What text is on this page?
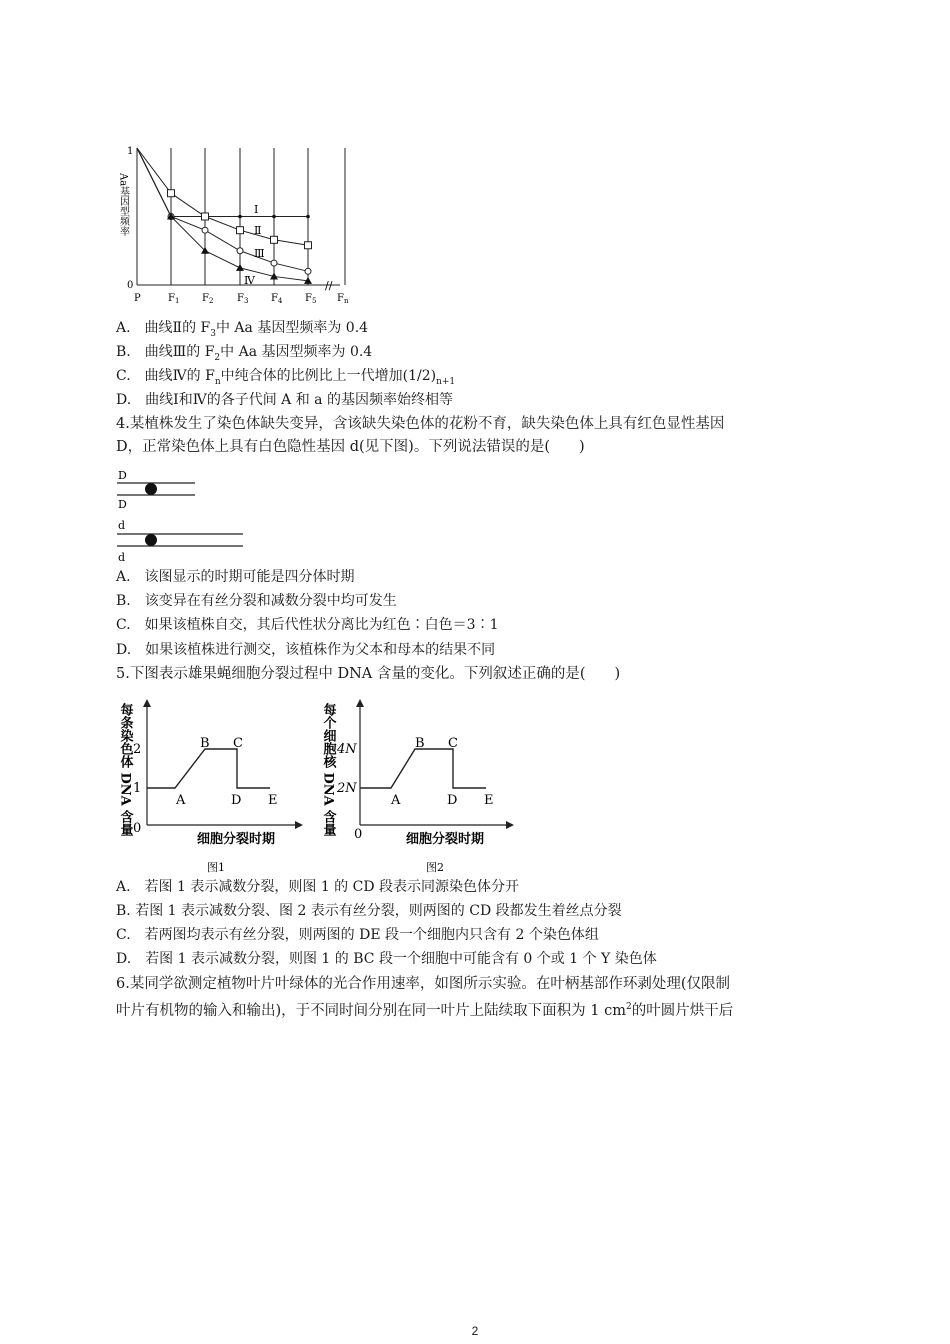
Aa基因型频率
1
0	//
P	$F_1$ $F_2$ $F_3$ $F_4$ $F_5$ $F_n$
Ⅰ
Ⅱ
Ⅲ
Ⅳ
A.　曲线Ⅱ的 $F_3$中 Aa 基因型频率为 0.4
B.　曲线Ⅲ的 $F_2$中 Aa 基因型频率为 0.4
C.　曲线Ⅳ的 $F_n$中纯合体的比例比上一代增加$(1/2)_{n+1}$
D.　曲线Ⅰ和Ⅳ的各子代间 A 和 a 的基因频率始终相等
4.某植株发生了染色体缺失变异，含该缺失染色体的花粉不育，缺失染色体上具有红色显性基因
D，正常染色体上具有白色隐性基因 d(见下图)。下列说法错误的是(　　)
D
D
d
d
A.　该图显示的时期可能是四分体时期
B.　该变异在有丝分裂和减数分裂中均可发生
C.　如果该植株自交，其后代性状分离比为红色∶白色＝3∶1
D.　如果该植株进行测交，该植株作为父本和母本的结果不同
5.下图表示雄果蝇细胞分裂过程中 DNA 含量的变化。下列叙述正确的是(　　)
每条染色体 DNA 含量 2
1
0
A
B C
D E
细胞分裂时期
图1
每个细胞核 DNA 含量 4N
2N
0
A
B C
D E
细胞分裂时期
图2
A.　若图 1 表示减数分裂，则图 1 的 CD 段表示同源染色体分开
B. 若图 1 表示减数分裂、图 2 表示有丝分裂，则两图的 CD 段都发生着丝点分裂
C.　若两图均表示有丝分裂，则两图的 DE 段一个细胞内只含有 2 个染色体组
D.　若图 1 表示减数分裂，则图 1 的 BC 段一个细胞中可能含有 0 个或 1 个 Y 染色体
6.某同学欲测定植物叶片叶绿体的光合作用速率，如图所示实验。在叶柄基部作环剥处理(仅限制
叶片有机物的输入和输出)，于不同时间分别在同一叶片上陆续取下面积为 1 $cm^2$的叶圆片烘干后
2
